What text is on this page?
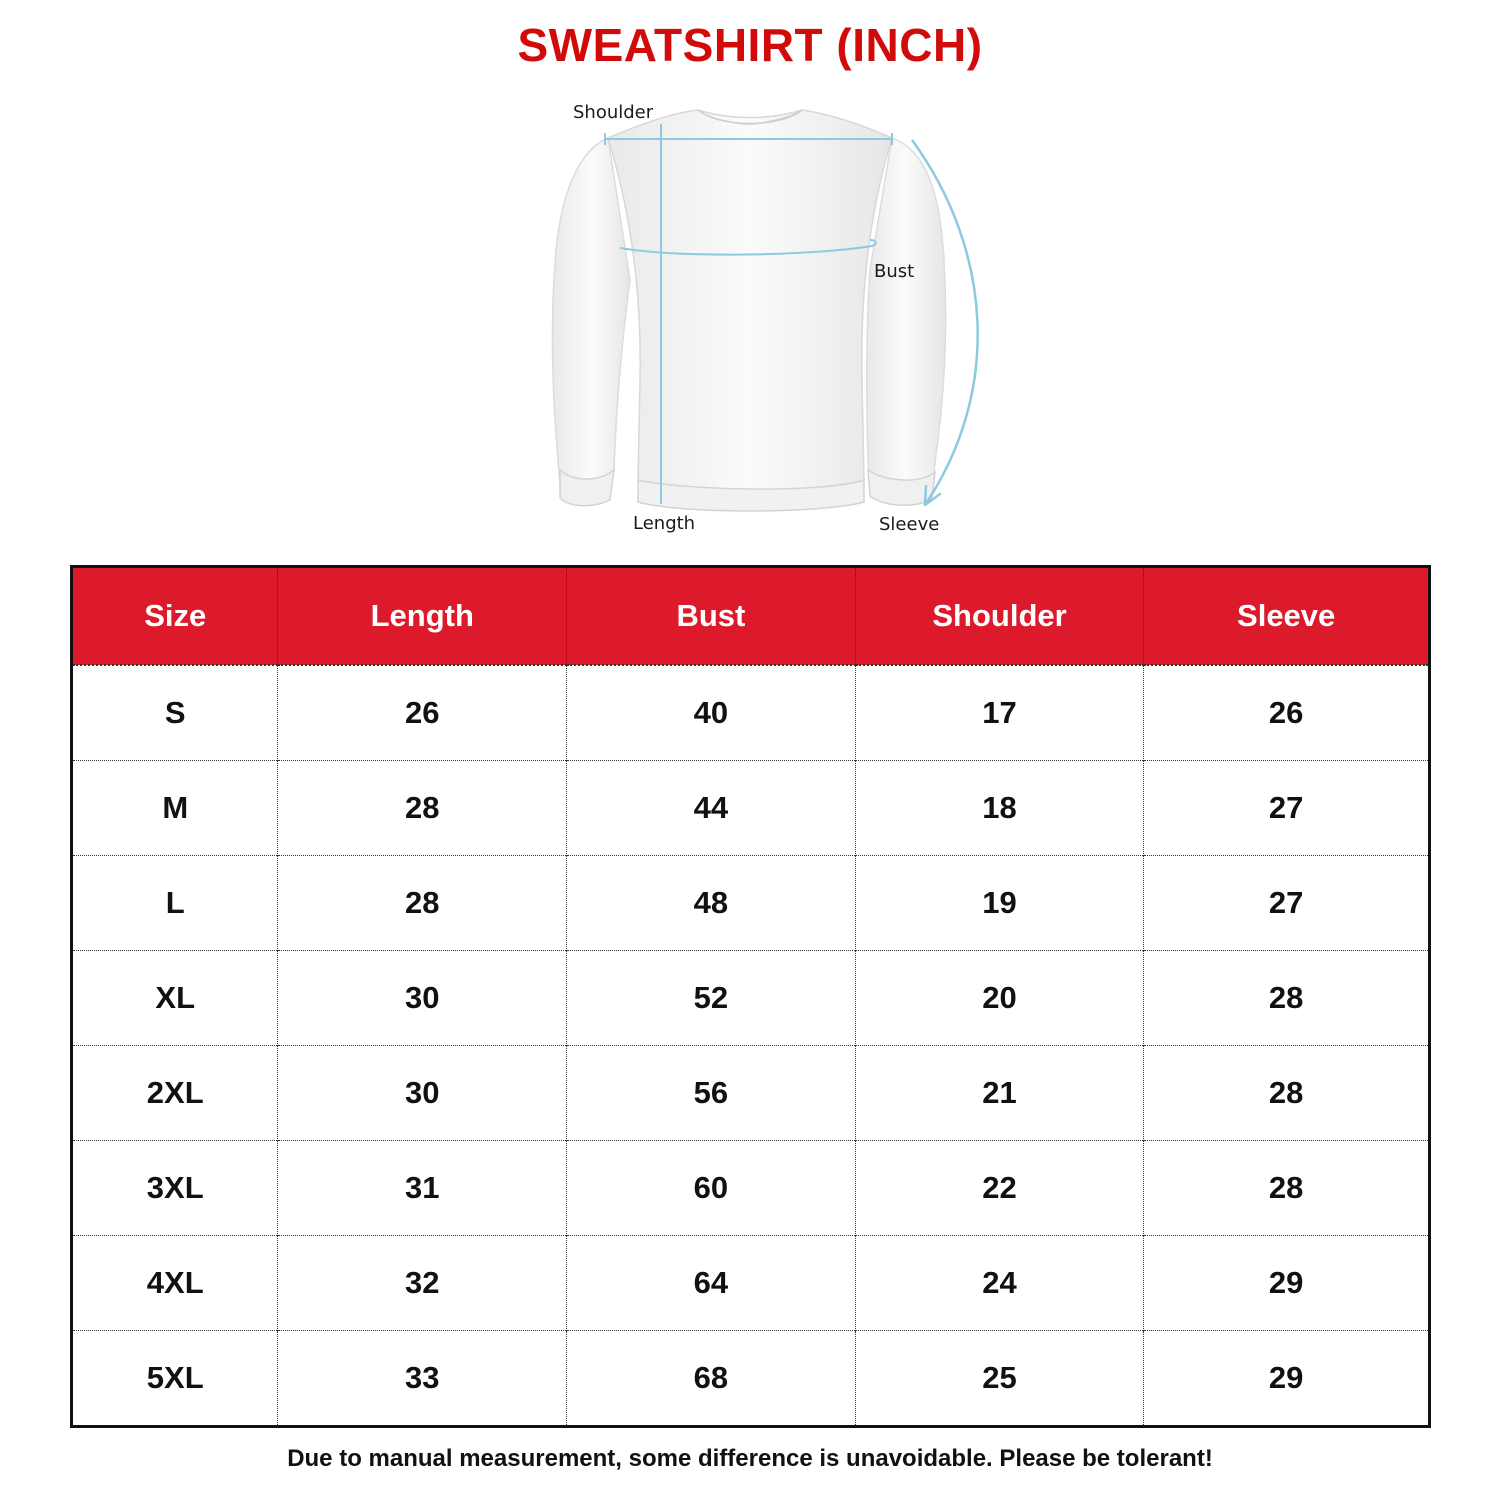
SWEATSHIRT (INCH)
Shoulder
Bust
Length	Sleeve
Size	Length	Bust	Shoulder	Sleeve
S	26	40	17	26
M	28	44	18	27
L	28	48	19	27
XL	30	52	20	28
2XL	30	56	21	28
3XL	31	60	22	28
4XL	32	64	24	29
5XL	33	68	25	29
Due to manual measurement, some difference is unavoidable. Please be tolerant!
